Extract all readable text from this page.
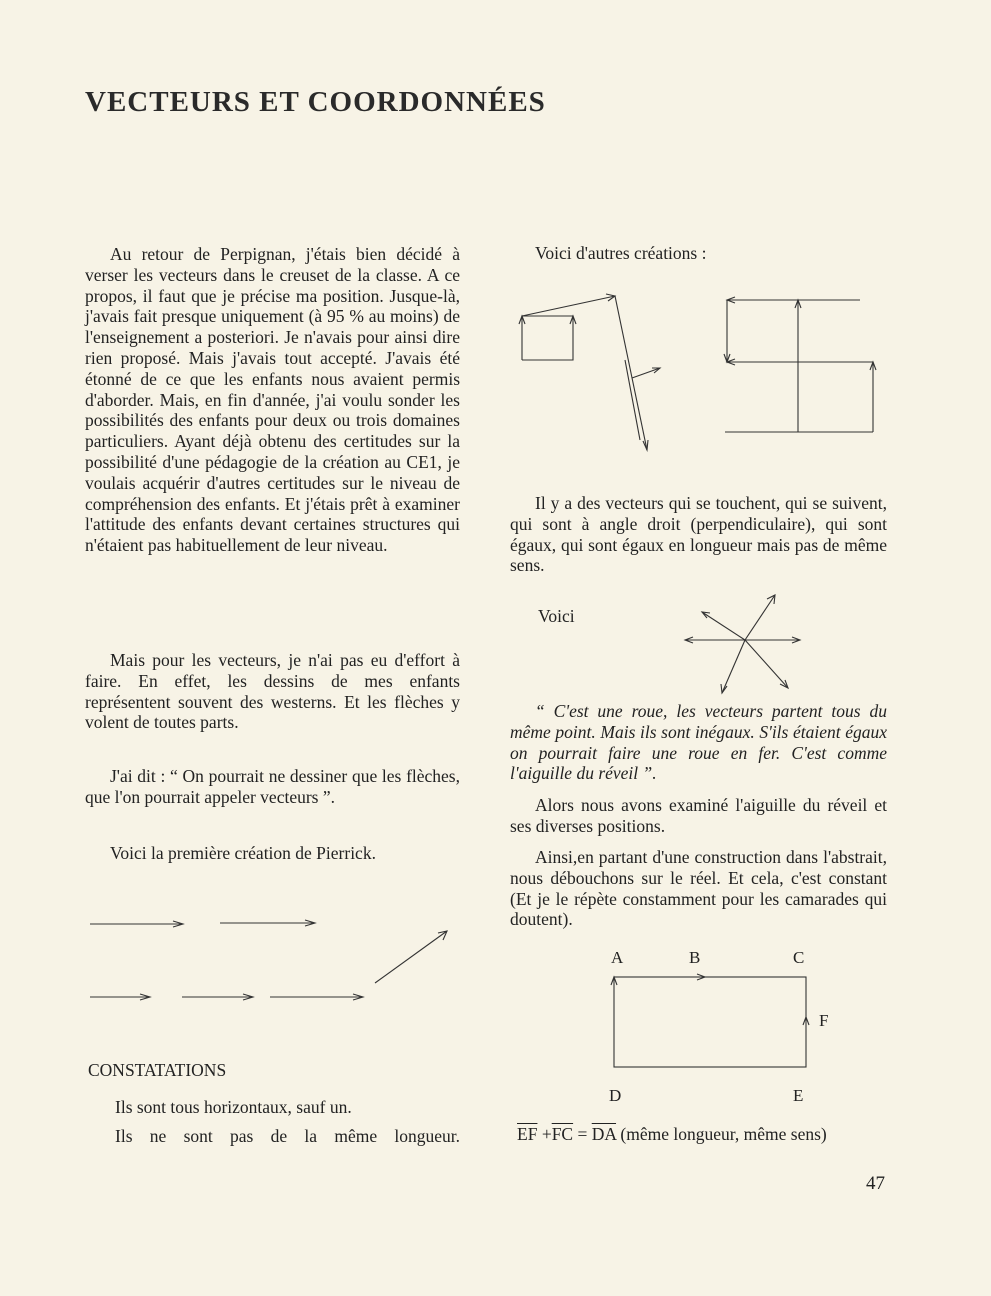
VECTEURS ET COORDONNÉES

Au retour de Perpignan, j'étais bien décidé à verser les vecteurs dans le creuset de la classe. A ce propos, il faut que je précise ma position. Jusque-là, j'avais fait presque uniquement (à 95 % au moins) de l'enseignement a posteriori. Je n'avais pour ainsi dire rien proposé. Mais j'avais tout accepté. J'avais été étonné de ce que les enfants nous avaient permis d'aborder. Mais, en fin d'année, j'ai voulu sonder les possibilités des enfants pour deux ou trois domaines particuliers. Ayant déjà obtenu des certitudes sur la possibilité d'une pédagogie de la création au CE1, je voulais acquérir d'autres certitudes sur le niveau de compréhension des enfants. Et j'étais prêt à examiner l'attitude des enfants devant certaines structures qui n'étaient pas habituellement de leur niveau.

Mais pour les vecteurs, je n'ai pas eu d'effort à faire. En effet, les dessins de mes enfants représentent souvent des westerns. Et les flèches y volent de toutes parts.

J'ai dit : “ On pourrait ne dessiner que les flèches, que l'on pourrait appeler vecteurs ”.

Voici la première création de Pierrick.

CONSTATATIONS

Ils sont tous horizontaux, sauf un.

Ils ne sont pas de la même longueur.

Voici d'autres créations :

Il y a des vecteurs qui se touchent, qui se suivent, qui sont à angle droit (perpendiculaire), qui sont égaux, qui sont égaux en longueur mais pas de même sens.

Voici

“ C'est une roue, les vecteurs partent tous du même point. Mais ils sont inégaux. S'ils étaient égaux on pourrait faire une roue en fer. C'est comme l'aiguille du réveil ”.

Alors nous avons examiné l'aiguille du réveil et ses diverses positions.

Ainsi,en partant d'une construction dans l'abstrait, nous débouchons sur le réel. Et cela, c'est constant (Et je le répète constamment pour les camarades qui doutent).

A	B	C
F
D	E
$\overline{EF} +\overline{FC} = \overline{DA}$ (même longueur, même sens)
47
